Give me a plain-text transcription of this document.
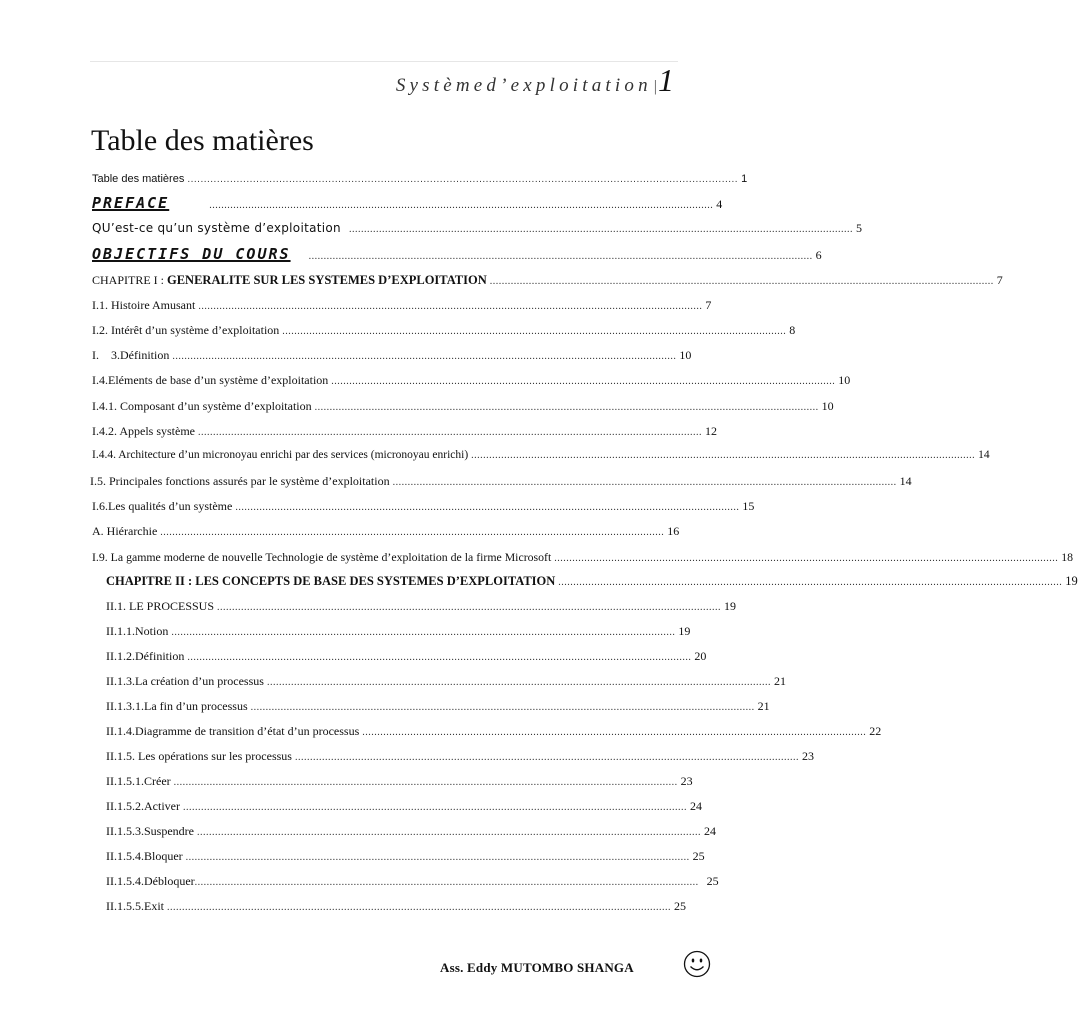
Systèmed’exploitation | 1
Table des matières
Table des matières ........................................................................................................................................................................ 1
PREFACE	........................................................................................................................................................................ 4
QU’est-ce qu’un système d’exploitation ........................................................................................................................................................................ 5
OBJECTIFS DU COURS ........................................................................................................................................................................ 6
CHAPITRE I : GENERALITE SUR LES SYSTEMES D’EXPLOITATION ........................................................................................................................................................................ 7
I.1. Histoire Amusant ........................................................................................................................................................................ 7
I.2. Intérêt d’un système d’exploitation ........................................................................................................................................................................ 8
I.    3.Définition ........................................................................................................................................................................ 10
I.4.Eléments de base d’un système d’exploitation ........................................................................................................................................................................ 10
I.4.1. Composant d’un système d’exploitation ........................................................................................................................................................................ 10
I.4.2. Appels système ........................................................................................................................................................................ 12
I.4.4. Architecture d’un micronoyau enrichi par des services (micronoyau enrichi) ........................................................................................................................................................................ 14
I.5. Principales fonctions assurés par le système d’exploitation ........................................................................................................................................................................ 14
I.6.Les qualités d’un système ........................................................................................................................................................................ 15
A. Hiérarchie ........................................................................................................................................................................ 16
I.9. La gamme moderne de nouvelle Technologie de système d’exploitation de la firme Microsoft ........................................................................................................................................................................ 18
CHAPITRE II : LES CONCEPTS DE BASE DES SYSTEMES D’EXPLOITATION ........................................................................................................................................................................ 19
II.1. LE PROCESSUS ........................................................................................................................................................................ 19
II.1.1.Notion ........................................................................................................................................................................ 19
II.1.2.Définition ........................................................................................................................................................................ 20
II.1.3.La création d’un processus ........................................................................................................................................................................ 21
II.1.3.1.La fin d’un processus ........................................................................................................................................................................ 21
II.1.4.Diagramme de transition d’état d’un processus ........................................................................................................................................................................ 22
II.1.5. Les opérations sur les processus ........................................................................................................................................................................ 23
II.1.5.1.Créer ........................................................................................................................................................................ 23
II.1.5.2.Activer ........................................................................................................................................................................ 24
II.1.5.3.Suspendre ........................................................................................................................................................................ 24
II.1.5.4.Bloquer ........................................................................................................................................................................ 25
II.1.5.4.Débloquer ........................................................................................................................................................................ 25
II.1.5.5.Exit ........................................................................................................................................................................ 25
Ass. Eddy MUTOMBO SHANGA
